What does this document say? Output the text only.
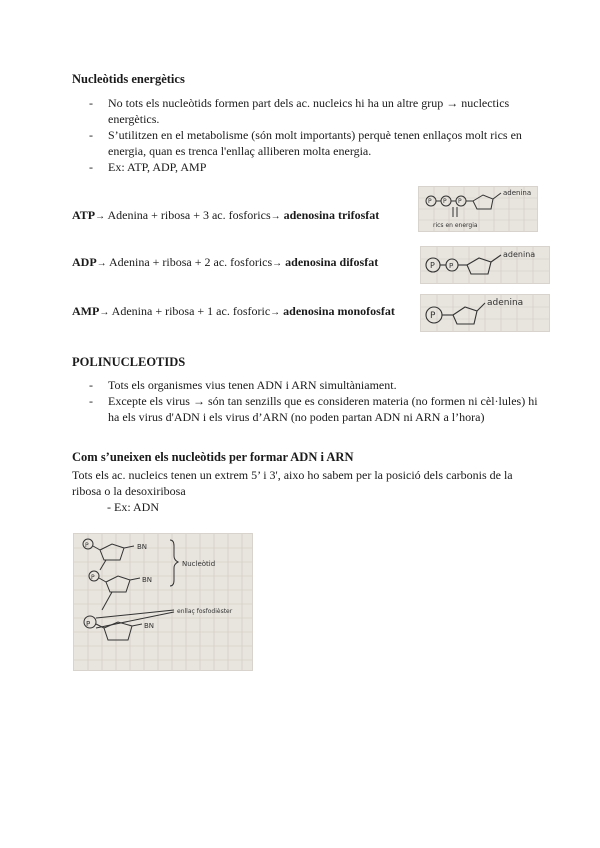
Nucleòtids energètics
- No tots els nucleòtids formen part dels ac. nucleics hi ha un altre grup → nuclectics energètics.
- S’utilitzen en el metabolisme (són molt importants) perquè tenen enllaços molt rics en energia, quan es trenca l'enllaç alliberen molta energia.
- Ex: ATP, ADP, AMP
ATP→ Adenina + ribosa + 3 ac. fosforics→ adenosina trifosfat
P P P
adenina
rics en energia
ADP→ Adenina + ribosa + 2 ac. fosforics→ adenosina difosfat	P P
adenina
AMP→ Adenina + ribosa + 1 ac. fosforic→ adenosina monofosfat	P
adenina
POLINUCLEOTIDS
- Tots els organismes vius tenen ADN i ARN simultàniament.
- Excepte els virus → són tan senzills que es consideren materia (no formen ni cèl·lules) hi ha els virus d'ADN i els virus d’ARN (no poden partan ADN ni ARN a l’hora)
Com s’uneixen els nucleòtids per formar ADN i ARN
Tots els ac. nucleics tenen un extrem 5’ i 3', aixo ho sabem per la posició dels carbonis de la ribosa o la desoxiribosa
- Ex: ADN
P
P
P
BN
BN
BN
Nucleòtid
enllaç fosfodièster
